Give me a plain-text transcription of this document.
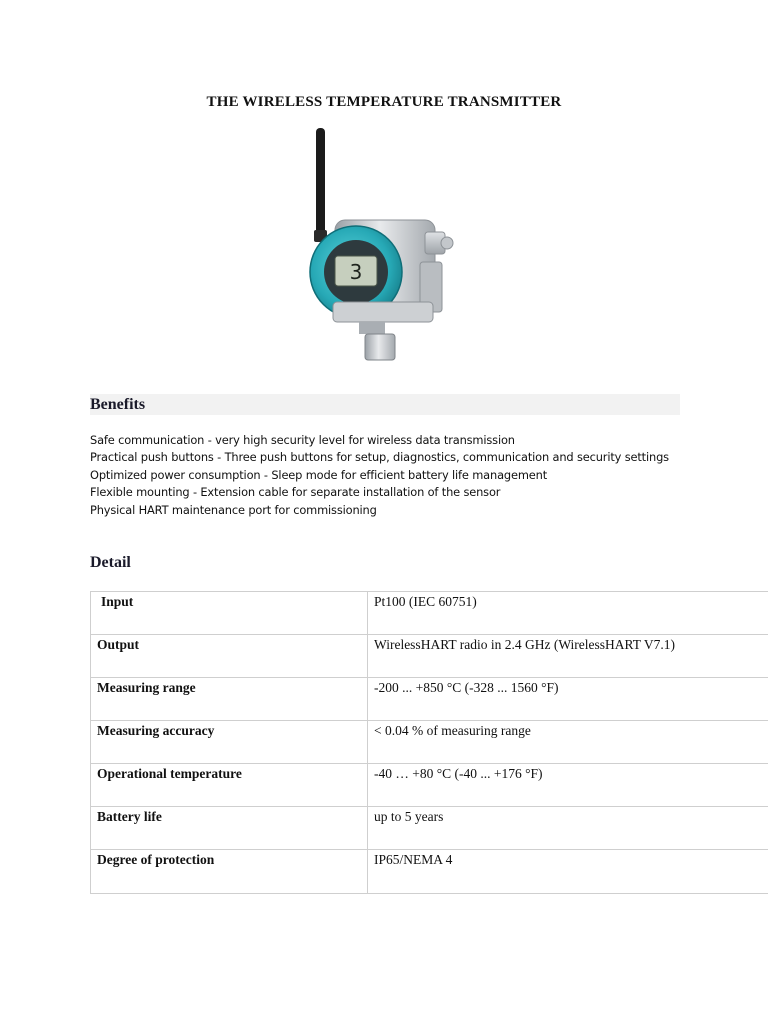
THE WIRELESS TEMPERATURE TRANSMITTER
3
Benefits
Safe communication - very high security level for wireless data transmission
Practical push buttons - Three push buttons for setup, diagnostics, communication and security settings
Optimized power consumption - Sleep mode for efficient battery life management
Flexible mounting - Extension cable for separate installation of the sensor
Physical HART maintenance port for commissioning
Detail
Input	Pt100 (IEC 60751)
Output	WirelessHART radio in 2.4 GHz (WirelessHART V7.1)
Measuring range	-200 ... +850 °C (-328 ... 1560 °F)
Measuring accuracy	< 0.04 % of measuring range
Operational temperature	-40 … +80 °C (-40 ... +176 °F)
Battery life	up to 5 years
Degree of protection	IP65/NEMA 4
